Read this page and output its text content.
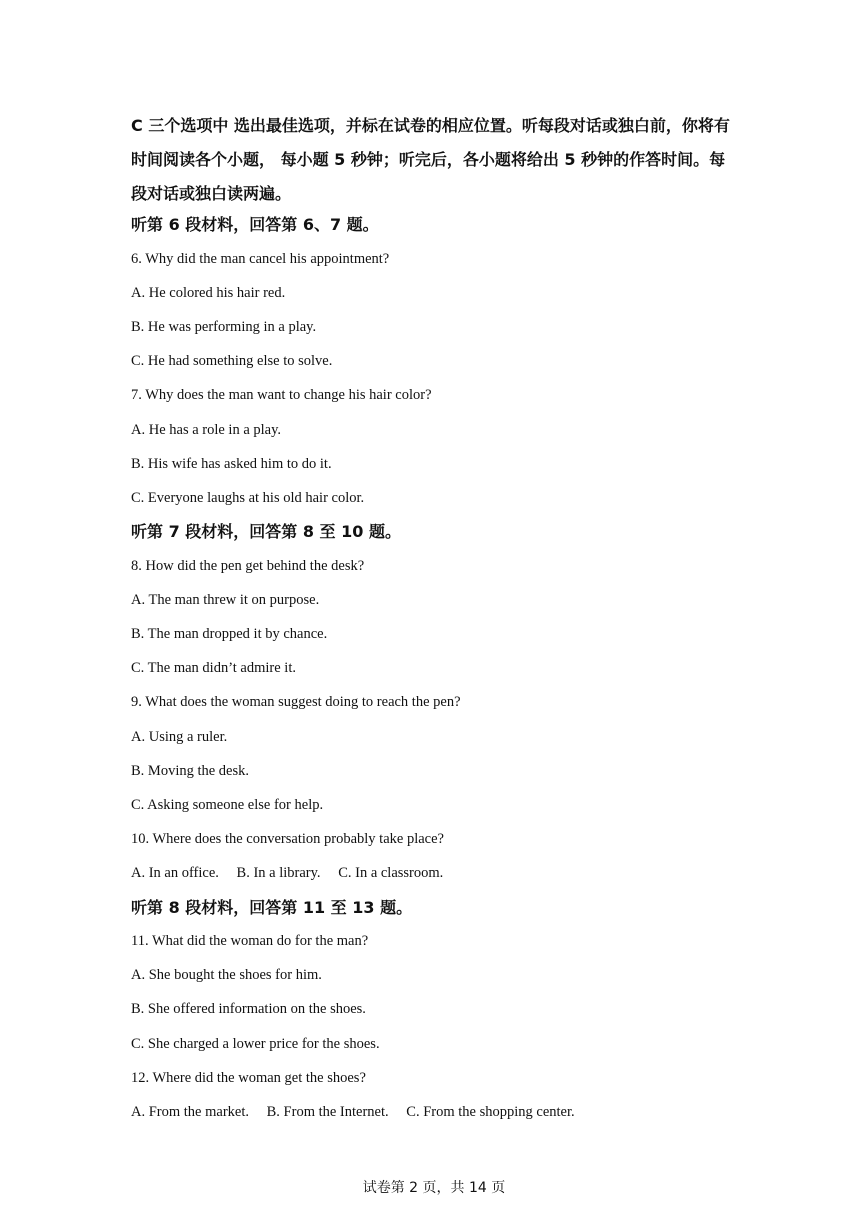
C 三个选项中 选出最佳选项，并标在试卷的相应位置。听每段对话或独白前，你将有时间阅读各个小题， 每小题 5 秒钟；听完后，各小题将给出 5 秒钟的作答时间。每段对话或独白读两遍。
听第 6 段材料，回答第 6、7 题。
6. Why did the man cancel his appointment?
A. He colored his hair red.
B. He was performing in a play.
C. He had something else to solve.
7. Why does the man want to change his hair color?
A. He has a role in a play.
B. His wife has asked him to do it.
C. Everyone laughs at his old hair color.
听第 7 段材料，回答第 8 至 10 题。
8. How did the pen get behind the desk?
A. The man threw it on purpose.
B. The man dropped it by chance.
C. The man didn’t admire it.
9. What does the woman suggest doing to reach the pen?
A. Using a ruler.
B. Moving the desk.
C. Asking someone else for help.
10. Where does the conversation probably take place?
A. In an office. B. In a library. C. In a classroom.
听第 8 段材料，回答第 11 至 13 题。
11. What did the woman do for the man?
A. She bought the shoes for him.
B. She offered information on the shoes.
C. She charged a lower price for the shoes.
12. Where did the woman get the shoes?
A. From the market. B. From the Internet. C. From the shopping center.
试卷第 2 页，共 14 页
